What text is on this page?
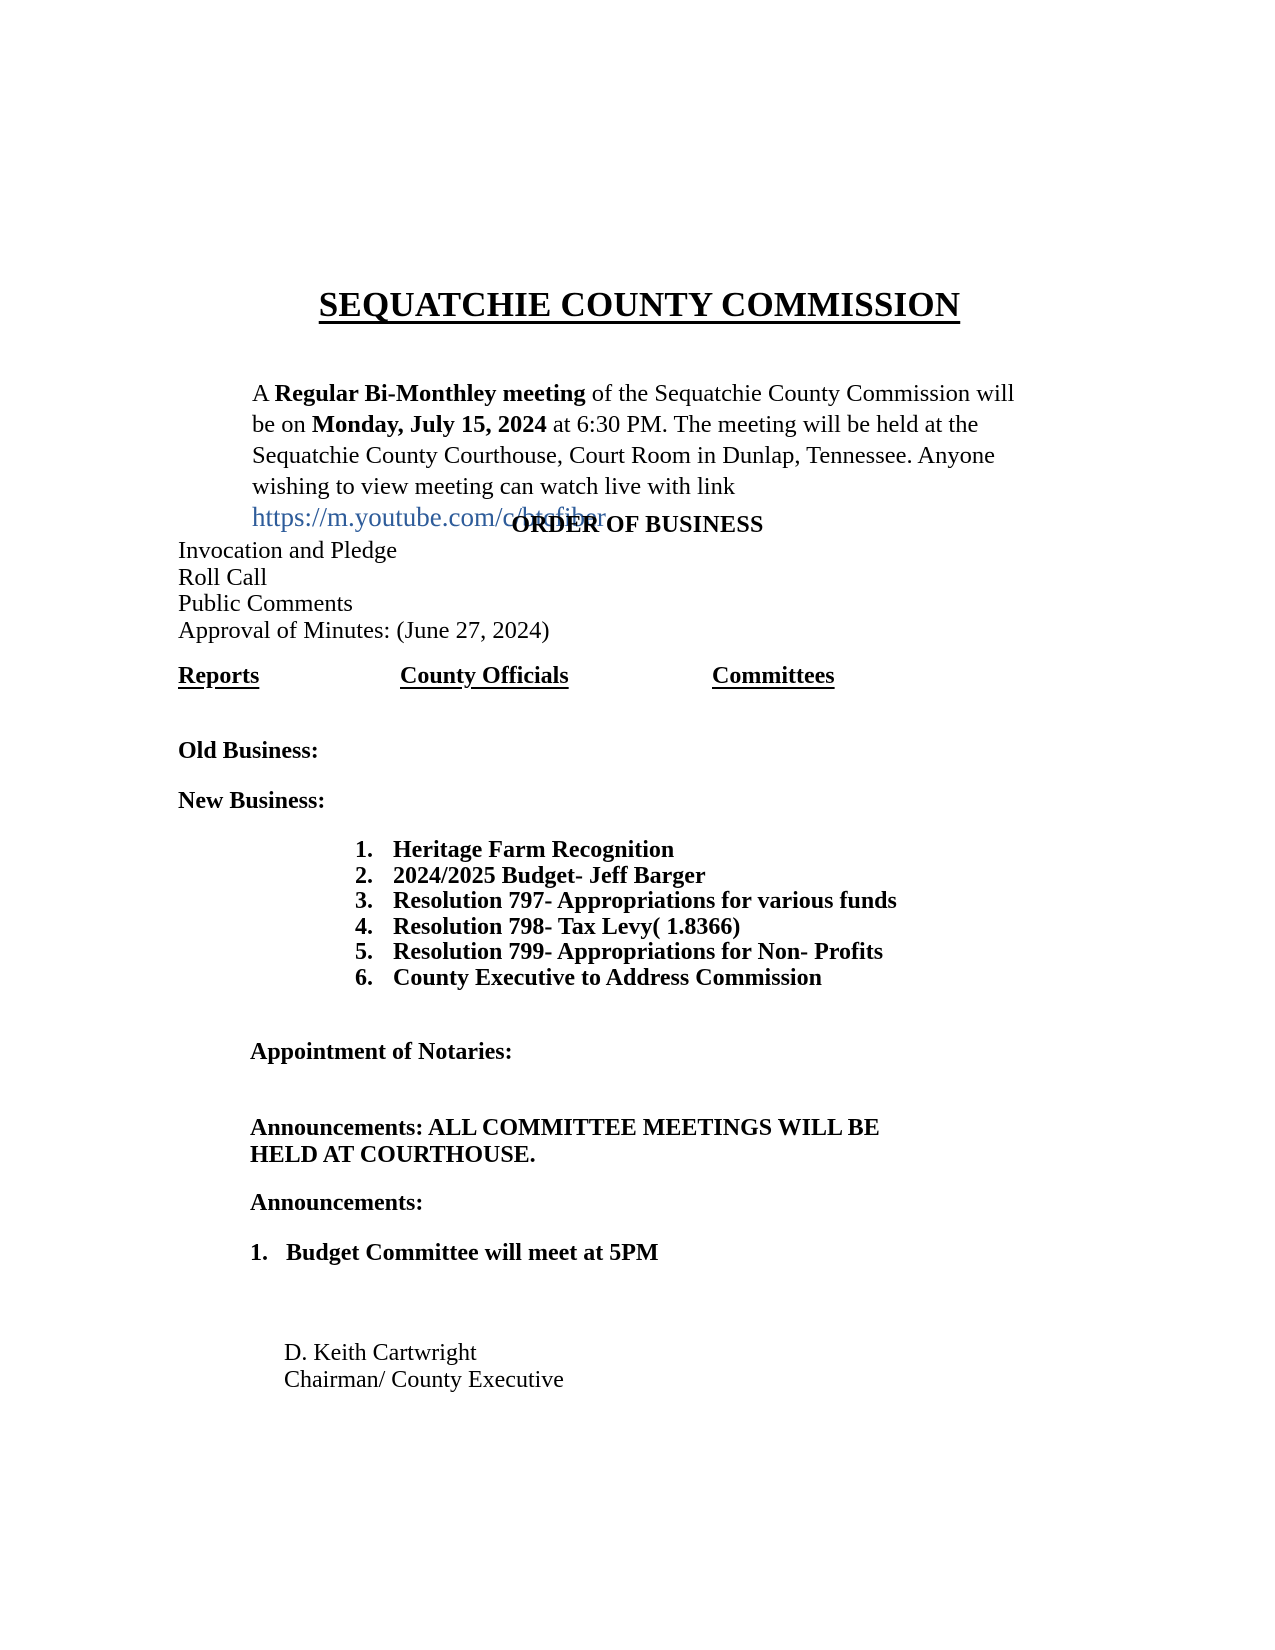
SEQUATCHIE COUNTY COMMISSION

A Regular Bi-Monthley meeting of the Sequatchie County Commission will be on Monday, July 15, 2024 at 6:30 PM. The meeting will be held at the Sequatchie County Courthouse, Court Room in Dunlap, Tennessee. Anyone wishing to view meeting can watch live with link https://m.youtube.com/c/btcfiber

ORDER OF BUSINESS
Invocation and Pledge
Roll Call
Public Comments
Approval of Minutes: (June 27, 2024)
Reports	County Officials	Committees
Old Business:
New Business:
1. Heritage Farm Recognition
2. 2024/2025 Budget- Jeff Barger
3. Resolution 797- Appropriations for various funds
4. Resolution 798- Tax Levy( 1.8366)
5. Resolution 799- Appropriations for Non- Profits
6. County Executive to Address Commission
Appointment of Notaries:
Announcements: ALL COMMITTEE MEETINGS WILL BE HELD AT COURTHOUSE.
Announcements:
1. Budget Committee will meet at 5PM
D. Keith Cartwright
Chairman/ County Executive
